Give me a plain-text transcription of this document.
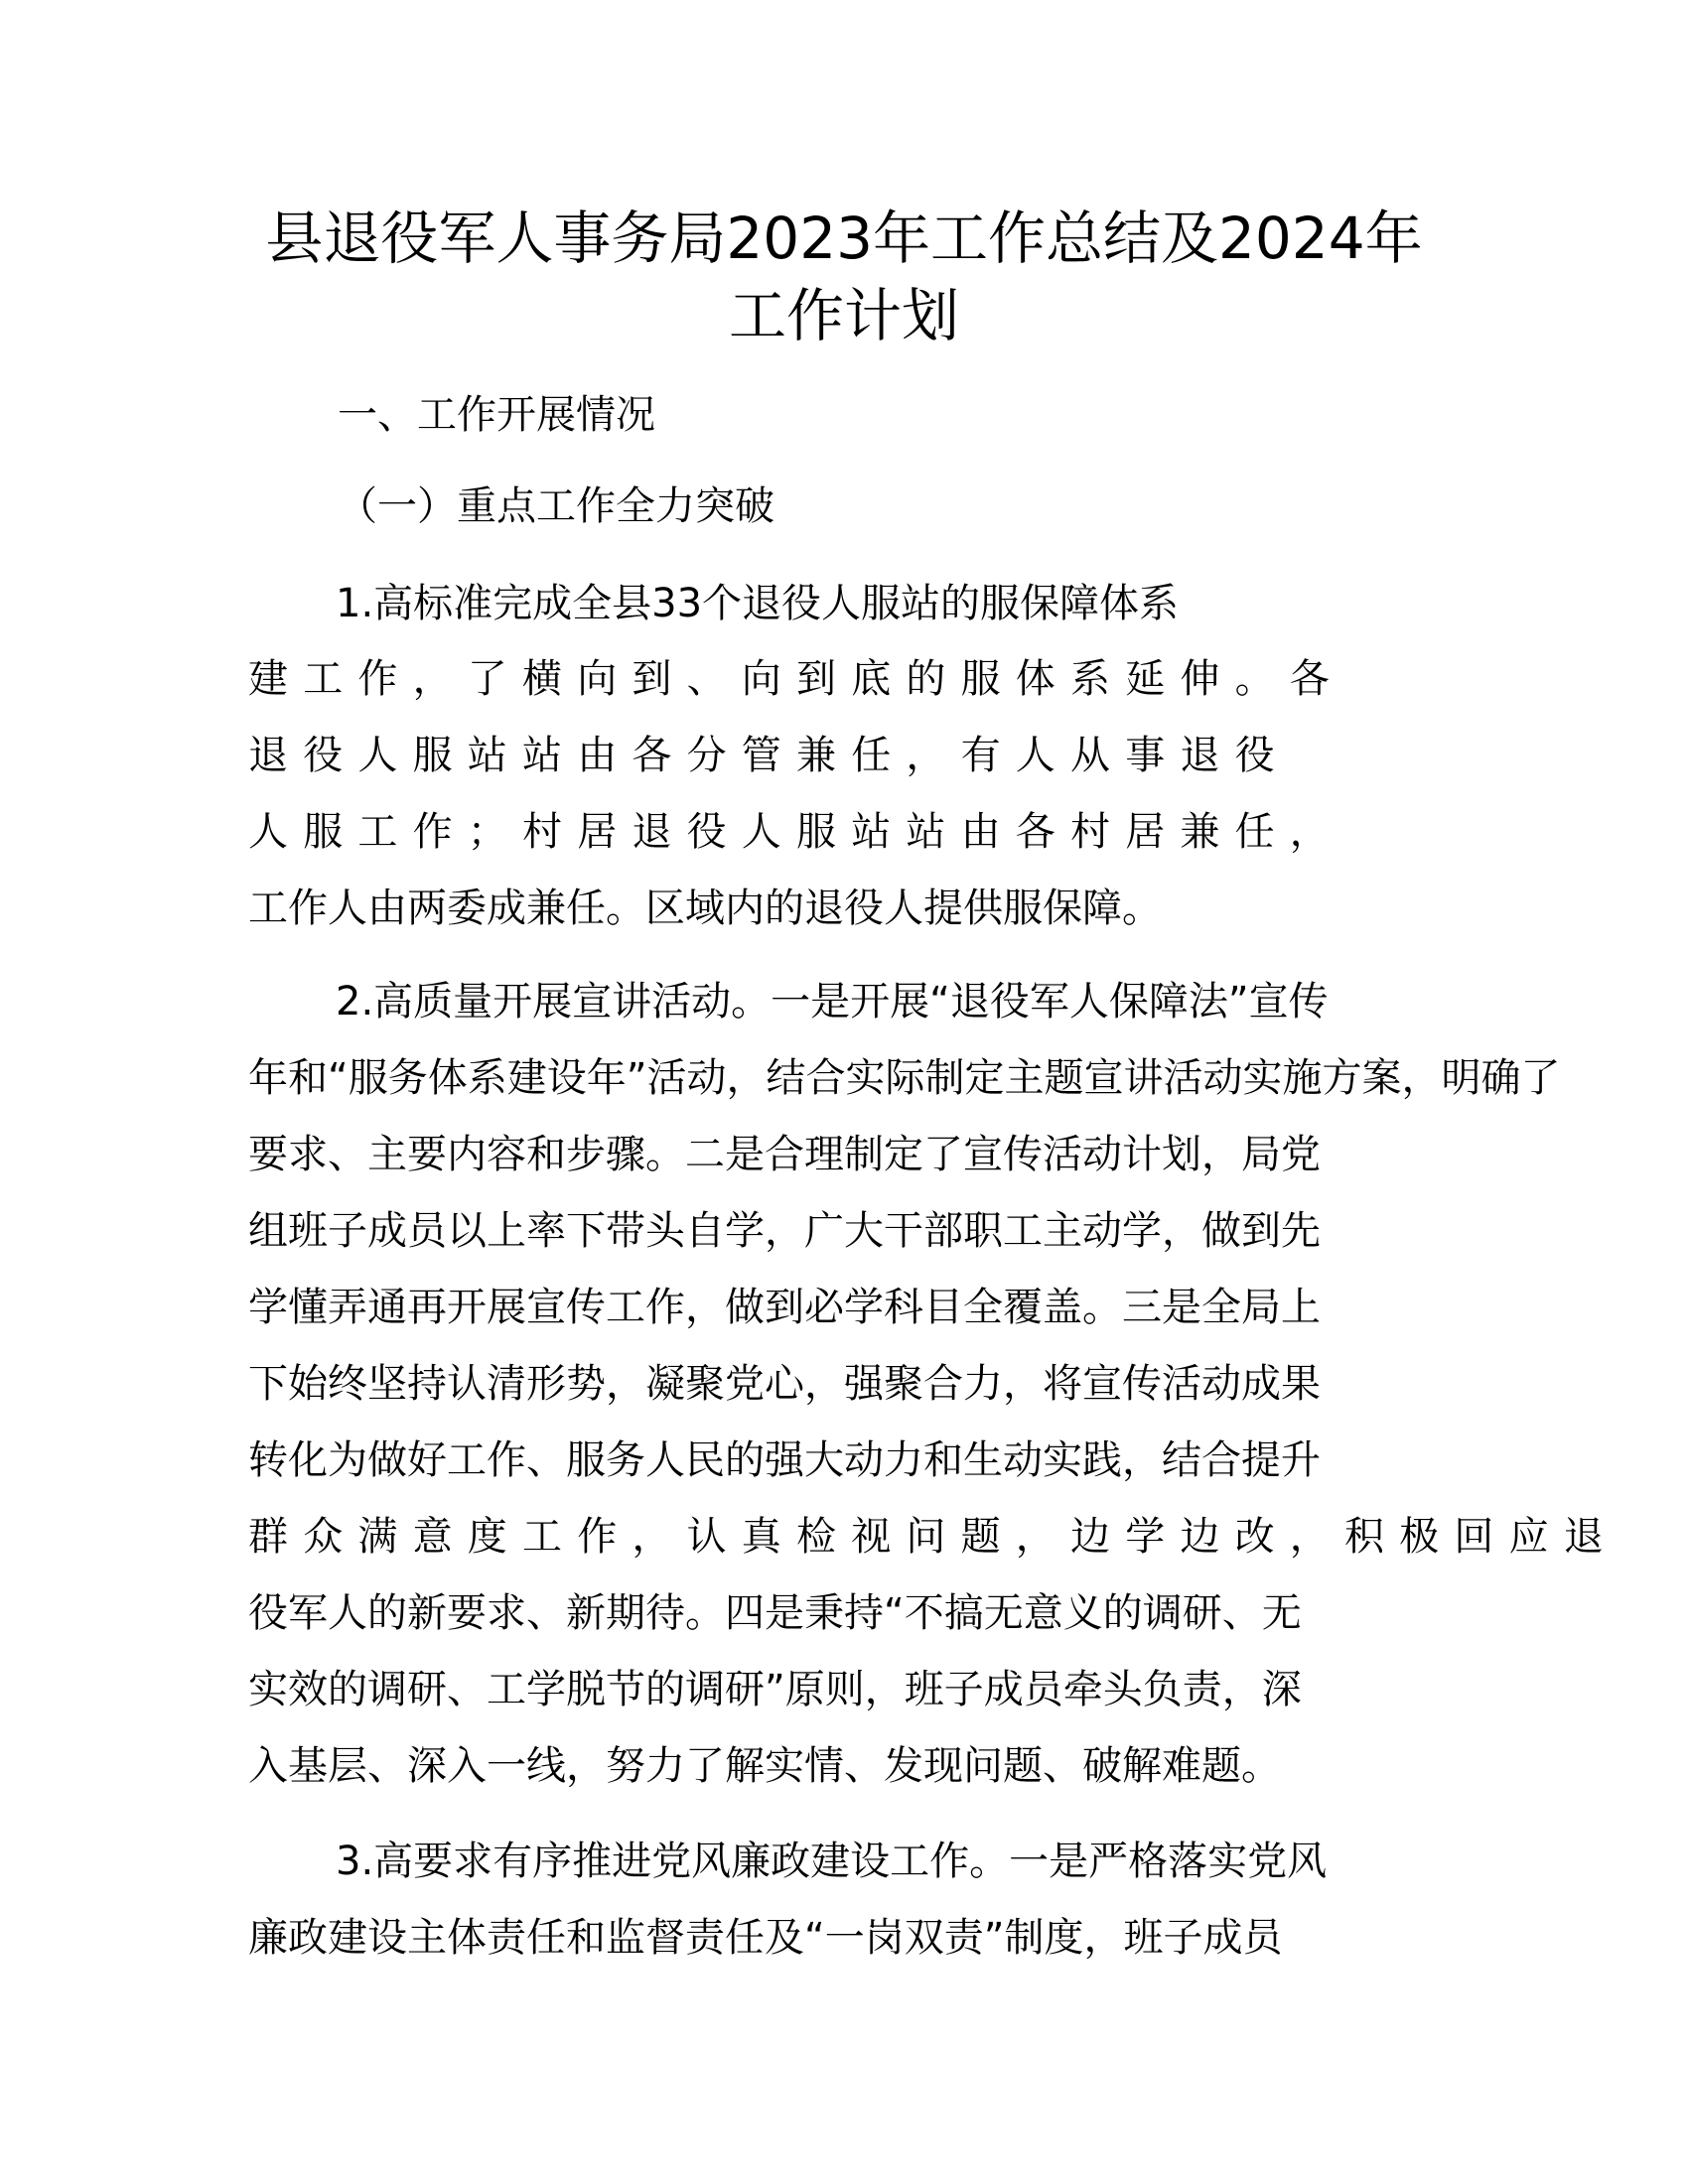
县退役军人事务局2023年工作总结及2024年
工作计划
一、工作开展情况
（一）重点工作全力突破
1.高标准完成全县33个退役人服站的服保障体系
建工作，了横向到、向到底的服体系延伸。各
退役人服站站由各分管兼任，有人从事退役
人服工作；村居退役人服站站由各村居兼任，
工作人由两委成兼任。区域内的退役人提供服保障。
2.高质量开展宣讲活动。一是开展“退役军人保障法”宣传
年和“服务体系建设年”活动，结合实际制定主题宣讲活动实施方案，明确了
要求、主要内容和步骤。二是合理制定了宣传活动计划，局党
组班子成员以上率下带头自学，广大干部职工主动学，做到先
学懂弄通再开展宣传工作，做到必学科目全覆盖。三是全局上
下始终坚持认清形势，凝聚党心，强聚合力，将宣传活动成果
转化为做好工作、服务人民的强大动力和生动实践，结合提升
群众满意度工作，认真检视问题，边学边改，积极回应退
役军人的新要求、新期待。四是秉持“不搞无意义的调研、无
实效的调研、工学脱节的调研”原则，班子成员牵头负责，深
入基层、深入一线，努力了解实情、发现问题、破解难题。
3.高要求有序推进党风廉政建设工作。一是严格落实党风
廉政建设主体责任和监督责任及“一岗双责”制度，班子成员
